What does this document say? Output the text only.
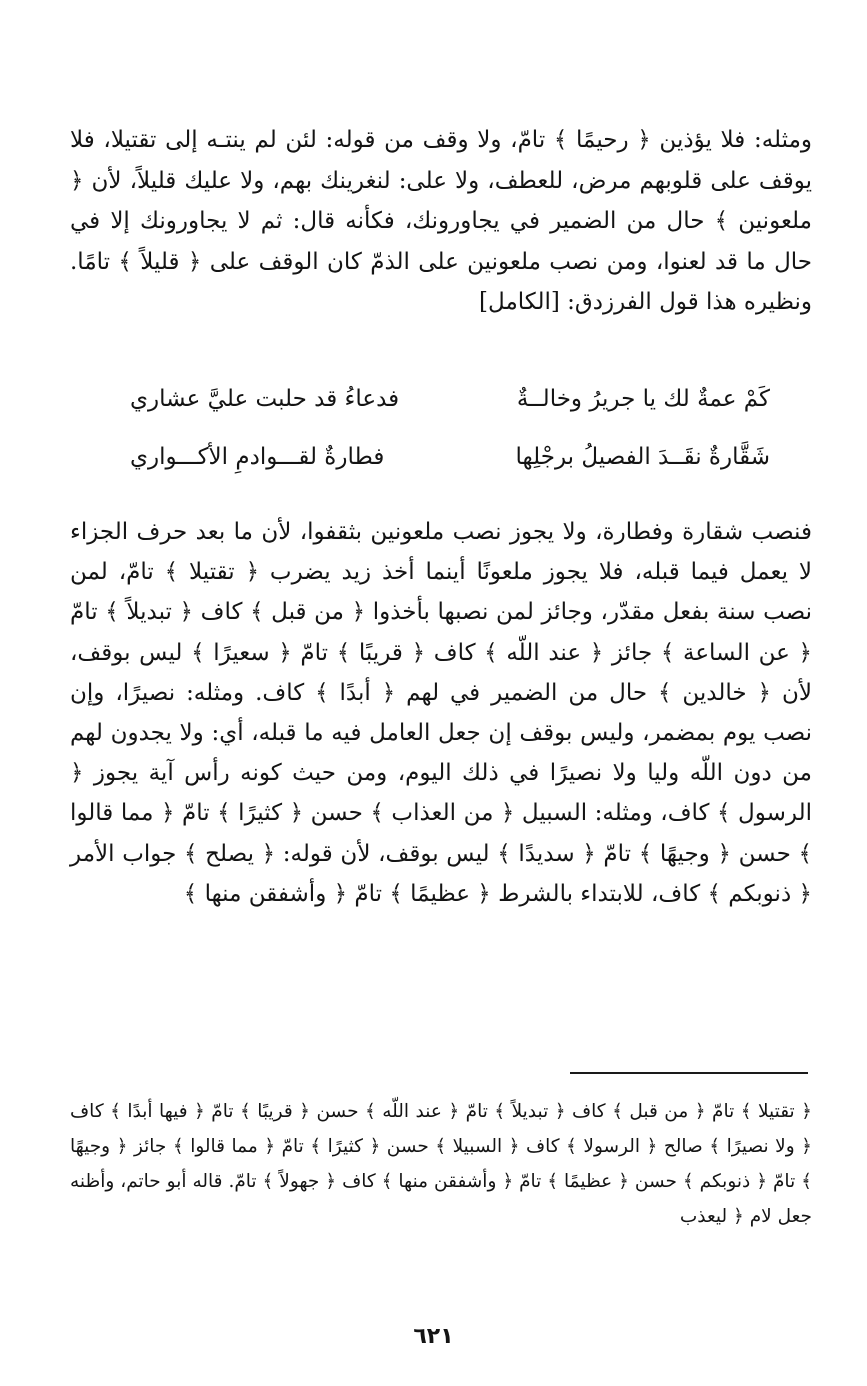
ومثله: فلا يؤذين ﴿ رحيمًا ﴾ تامّ، ولا وقف من قوله: لئن لم ينتـه إلى تقتيلا، فلا يوقف على قلوبهم مرض، للعطف، ولا على: لنغرينك بهم، ولا عليك قليلاً، لأن ﴿ ملعونين ﴾ حال من الضمير في يجاورونك، فكأنه قال: ثم لا يجاورونك إلا في حال ما قد لعنوا، ومن نصب ملعونين على الذمّ كان الوقف على ﴿ قليلاً ﴾ تامًا. ونظيره هذا قول الفرزدق: [الكامل]

كَمْ عمةٌ لك يا جريرُ وخالــةٌ
فدعاءُ قد حلبت عليَّ عشاري
شَقَّارةٌ نقَــدَ الفصيلُ برجْلِها
فطارةٌ لقـــوادمِ الأكـــواري

فنصب شقارة وفطارة، ولا يجوز نصب ملعونين بثقفوا، لأن ما بعد حرف الجزاء لا يعمل فيما قبله، فلا يجوز ملعونًا أينما أخذ زيد يضرب ﴿ تقتيلا ﴾ تامّ، لمن نصب سنة بفعل مقدّر، وجائز لمن نصبها بأخذوا ﴿ من قبل ﴾ كاف ﴿ تبديلاً ﴾ تامّ ﴿ عن الساعة ﴾ جائز ﴿ عند اللّه ﴾ كاف ﴿ قريبًا ﴾ تامّ ﴿ سعيرًا ﴾ ليس بوقف، لأن ﴿ خالدين ﴾ حال من الضمير في لهم ﴿ أبدًا ﴾ كاف. ومثله: نصيرًا، وإن نصب يوم بمضمر، وليس بوقف إن جعل العامل فيه ما قبله، أي: ولا يجدون لهم من دون اللّه وليا ولا نصيرًا في ذلك اليوم، ومن حيث كونه رأس آية يجوز ﴿ الرسول ﴾ كاف، ومثله: السبيل ﴿ من العذاب ﴾ حسن ﴿ كثيرًا ﴾ تامّ ﴿ مما قالوا ﴾ حسن ﴿ وجيهًا ﴾ تامّ ﴿ سديدًا ﴾ ليس بوقف، لأن قوله: ﴿ يصلح ﴾ جواب الأمر ﴿ ذنوبكم ﴾ كاف، للابتداء بالشرط ﴿ عظيمًا ﴾ تامّ ﴿ وأشفقن منها ﴾

﴿ تقتيلا ﴾ تامّ ﴿ من قبل ﴾ كاف ﴿ تبديلاً ﴾ تامّ ﴿ عند اللّه ﴾ حسن ﴿ قريبًا ﴾ تامّ ﴿ فيها أبدًا ﴾ كاف ﴿ ولا نصيرًا ﴾ صالح ﴿ الرسولا ﴾ كاف ﴿ السبيلا ﴾ حسن ﴿ كثيرًا ﴾ تامّ ﴿ مما قالوا ﴾ جائز ﴿ وجيهًا ﴾ تامّ ﴿ ذنوبكم ﴾ حسن ﴿ عظيمًا ﴾ تامّ ﴿ وأشفقن منها ﴾ كاف ﴿ جهولاً ﴾ تامّ. قاله أبو حاتم، وأظنه جعل لام ﴿ ليعذب

٦٢١
